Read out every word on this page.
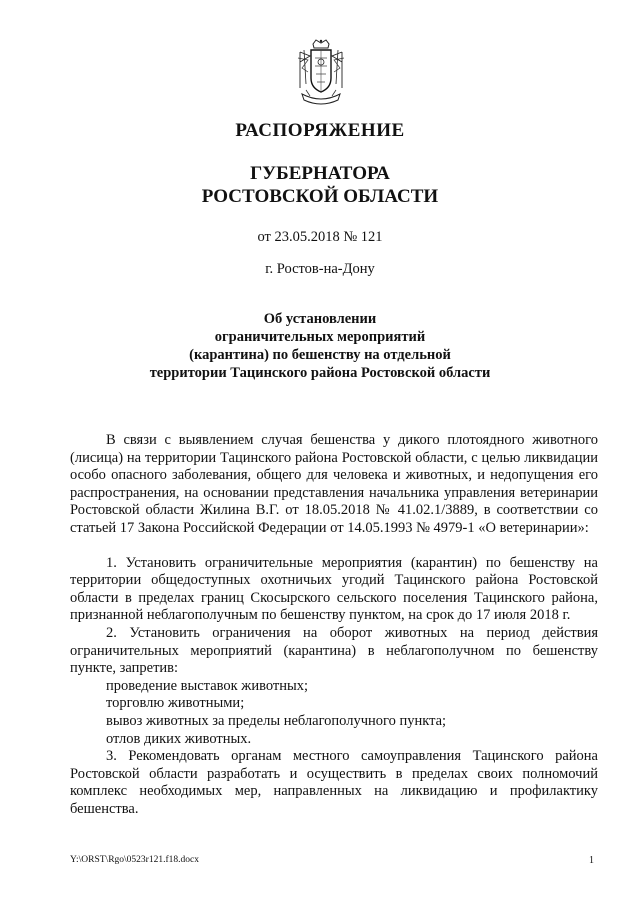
РАСПОРЯЖЕНИЕ
ГУБЕРНАТОРА
РОСТОВСКОЙ ОБЛАСТИ
от 23.05.2018 № 121
г. Ростов-на-Дону
Об установлении
ограничительных мероприятий
(карантина) по бешенству на отдельной
территории Тацинского района Ростовской области

В связи с выявлением случая бешенства у дикого плотоядного животного (лисица) на территории Тацинского района Ростовской области, с целью ликвидации особо опасного заболевания, общего для человека и животных, и недопущения его распространения, на основании представления начальника управления ветеринарии Ростовской области Жилина В.Г. от 18.05.2018 № 41.02.1/3889, в соответствии со статьей 17 Закона Российской Федерации от 14.05.1993 № 4979-1 «О ветеринарии»:

1. Установить ограничительные мероприятия (карантин) по бешенству на территории общедоступных охотничьих угодий Тацинского района Ростовской области в пределах границ Скосырского сельского поселения Тацинского района, признанной неблагополучным по бешенству пунктом, на срок до 17 июля 2018 г.

2. Установить ограничения на оборот животных на период действия ограничительных мероприятий (карантина) в неблагополучном по бешенству пункте, запретив:

проведение выставок животных;

торговлю животными;

вывоз животных за пределы неблагополучного пункта;

отлов диких животных.

3. Рекомендовать органам местного самоуправления Тацинского района Ростовской области разработать и осуществить в пределах своих полномочий комплекс необходимых мер, направленных на ликвидацию и профилактику бешенства.

Y:\ORST\Rgo\0523r121.f18.docx	1
